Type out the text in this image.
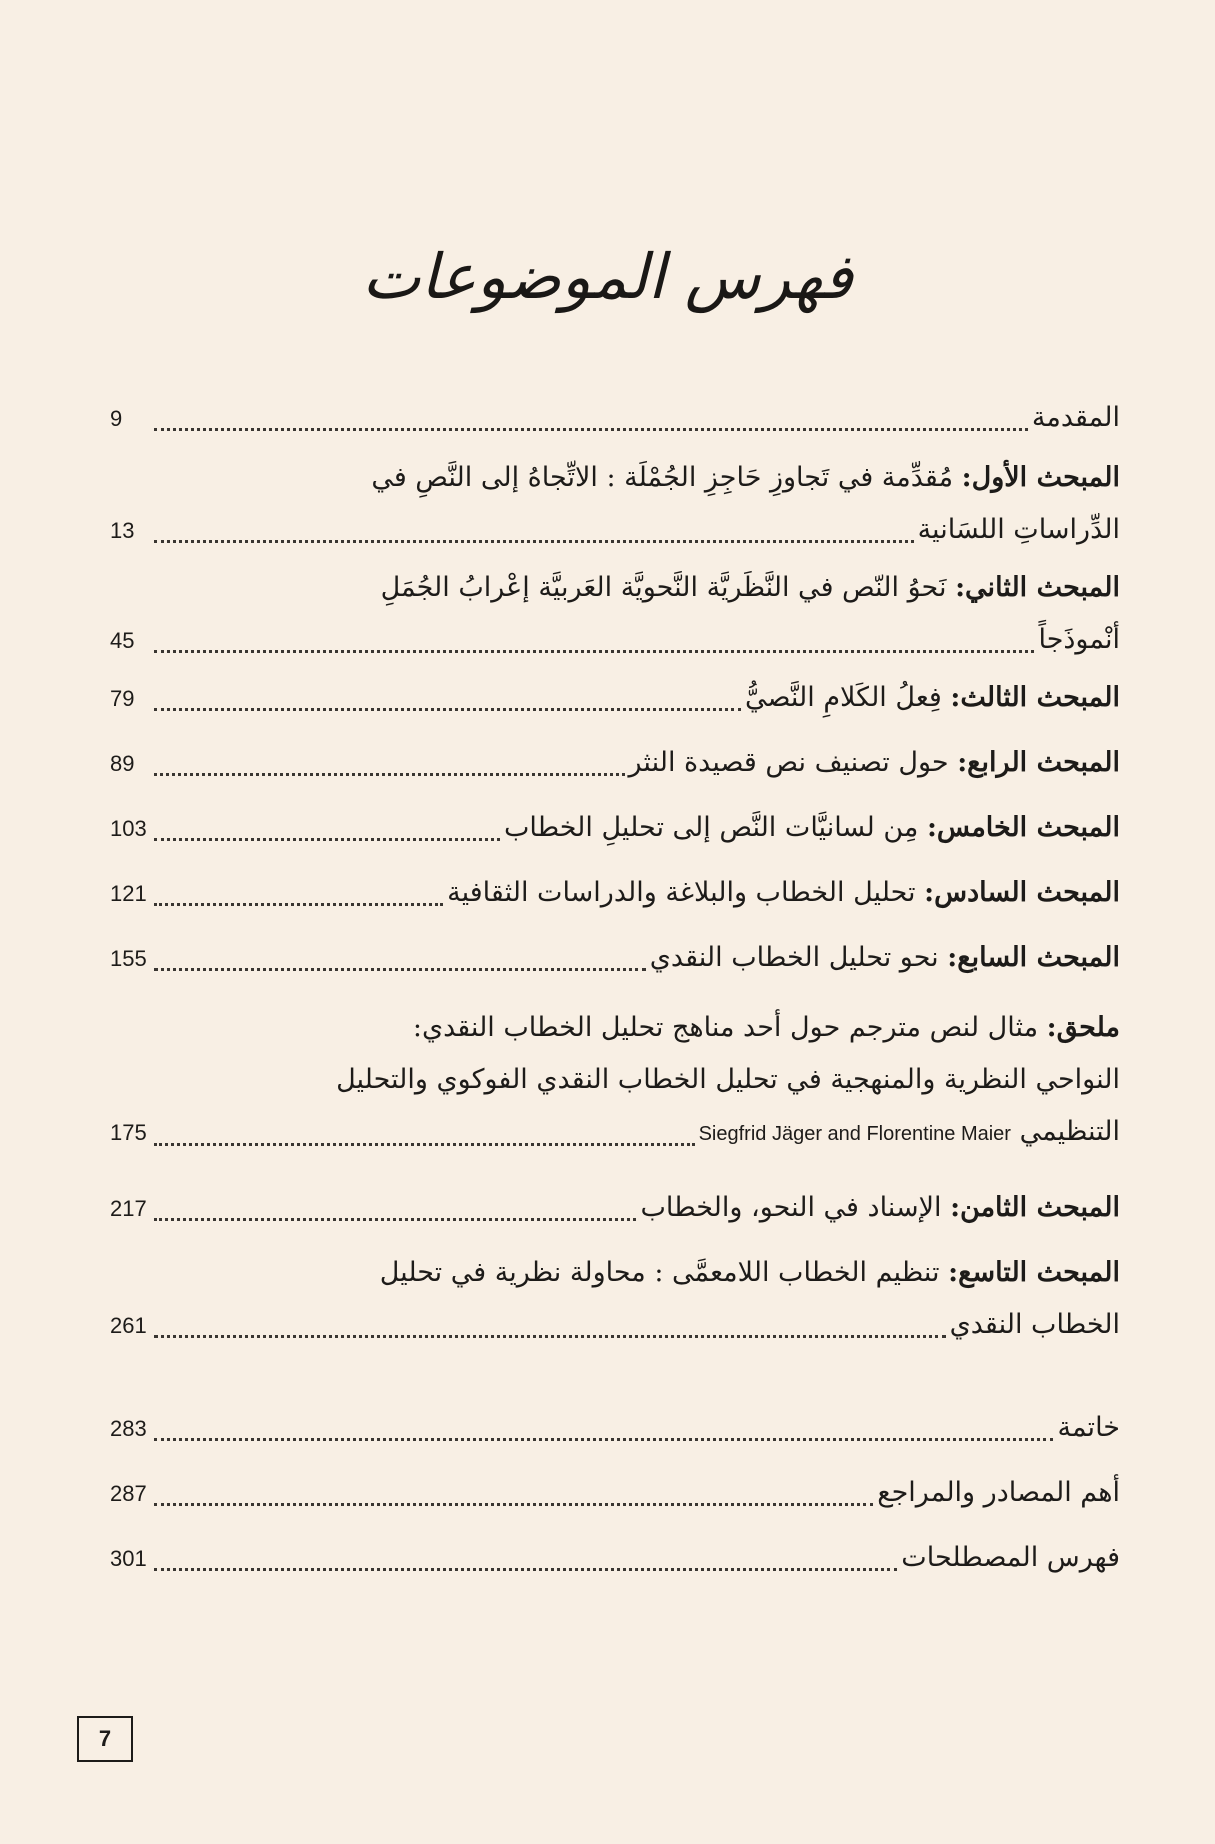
فهرس الموضوعات
المقدمة
9
المبحث الأول: مُقدِّمة في تَجاوزِ حَاجِزِ الجُمْلَة : الاتِّجاهُ إلى النَّصِ في
الدِّراساتِ اللسَانية
13
المبحث الثاني: نَحوُ النّص في النَّظَريَّة النَّحويَّة العَربيَّة إعْرابُ الجُمَلِ
أنْموذَجاً
45
المبحث الثالث: فِعلُ الكَلامِ النَّصيُّ
79
المبحث الرابع: حول تصنيف نص قصيدة النثر
89
المبحث الخامس: مِن لسانيَّات النَّص إلى تحليلِ الخطاب
103
المبحث السادس: تحليل الخطاب والبلاغة والدراسات الثقافية
121
المبحث السابع: نحو تحليل الخطاب النقدي
155
ملحق: مثال لنص مترجم حول أحد مناهج تحليل الخطاب النقدي:
النواحي النظرية والمنهجية في تحليل الخطاب النقدي الفوكوي والتحليل
التنظيمي Siegfrid Jäger and Florentine Maier
175
المبحث الثامن: الإسناد في النحو، والخطاب
217
المبحث التاسع: تنظيم الخطاب اللامعمَّى : محاولة نظرية في تحليل
الخطاب النقدي
261
خاتمة
283
أهم المصادر والمراجع
287
فهرس المصطلحات
301
7
